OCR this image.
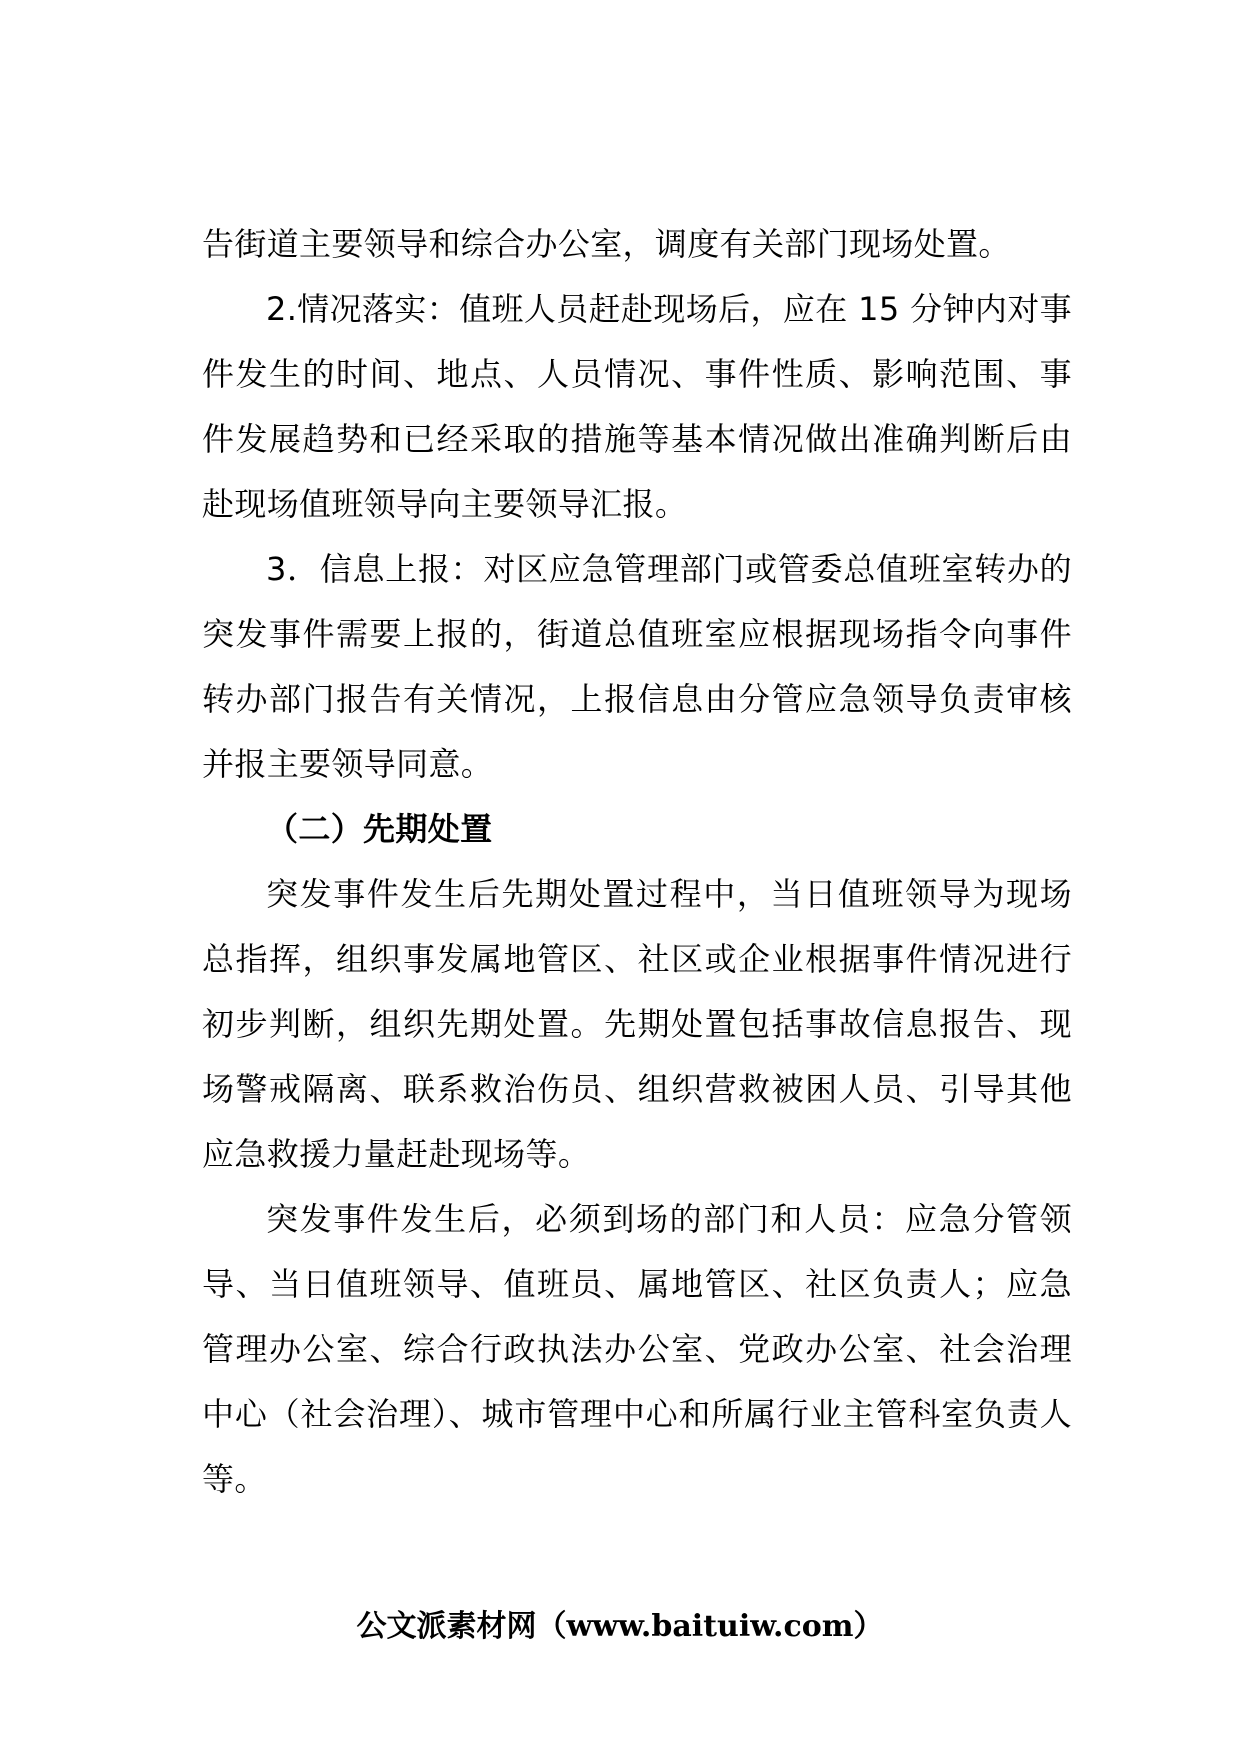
告街道主要领导和综合办公室，调度有关部门现场处置。

2.情况落实：值班人员赶赴现场后，应在 15 分钟内对事件发生的时间、地点、人员情况、事件性质、影响范围、事件发展趋势和已经采取的措施等基本情况做出准确判断后由赴现场值班领导向主要领导汇报。

3．信息上报：对区应急管理部门或管委总值班室转办的突发事件需要上报的，街道总值班室应根据现场指令向事件转办部门报告有关情况，上报信息由分管应急领导负责审核并报主要领导同意。

（二）先期处置

突发事件发生后先期处置过程中，当日值班领导为现场总指挥，组织事发属地管区、社区或企业根据事件情况进行初步判断，组织先期处置。先期处置包括事故信息报告、现场警戒隔离、联系救治伤员、组织营救被困人员、引导其他应急救援力量赶赴现场等。

突发事件发生后，必须到场的部门和人员：应急分管领导、当日值班领导、值班员、属地管区、社区负责人；应急管理办公室、综合行政执法办公室、党政办公室、社会治理中心（社会治理）、城市管理中心和所属行业主管科室负责人等。

公文派素材网（www.baituiw.com）
